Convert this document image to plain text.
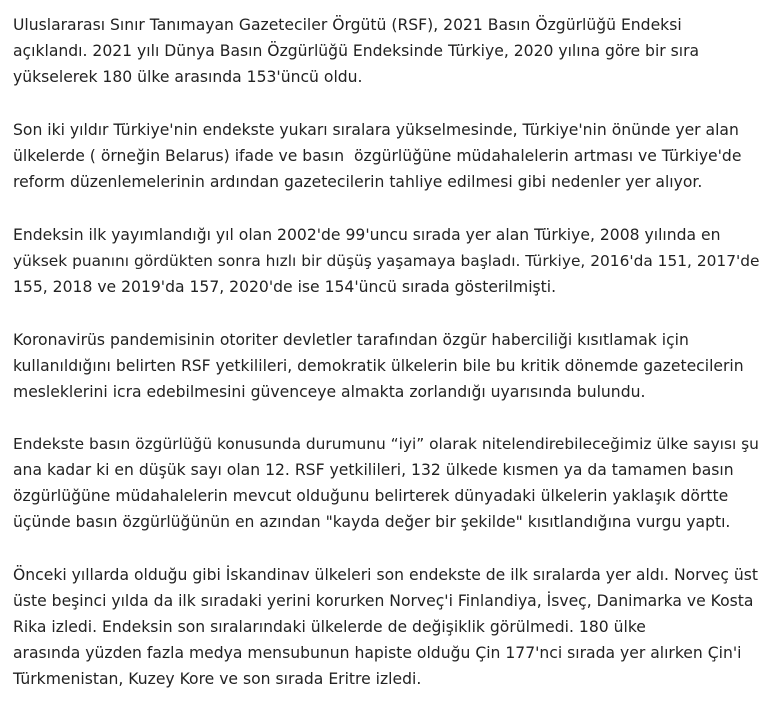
Uluslararası Sınır Tanımayan Gazeteciler Örgütü (RSF), 2021 Basın Özgürlüğü Endeksi
açıklandı. 2021 yılı Dünya Basın Özgürlüğü Endeksinde Türkiye, 2020 yılına göre bir sıra
yükselerek 180 ülke arasında 153'üncü oldu.
Son iki yıldır Türkiye'nin endekste yukarı sıralara yükselmesinde, Türkiye'nin önünde yer alan
ülkelerde ( örneğin Belarus) ifade ve basın  özgürlüğüne müdahalelerin artması ve Türkiye'de
reform düzenlemelerinin ardından gazetecilerin tahliye edilmesi gibi nedenler yer alıyor.
Endeksin ilk yayımlandığı yıl olan 2002'de 99'uncu sırada yer alan Türkiye, 2008 yılında en
yüksek puanını gördükten sonra hızlı bir düşüş yaşamaya başladı. Türkiye, 2016'da 151, 2017'de
155, 2018 ve 2019'da 157, 2020'de ise 154'üncü sırada gösterilmişti.
Koronavirüs pandemisinin otoriter devletler tarafından özgür haberciliği kısıtlamak için
kullanıldığını belirten RSF yetkilileri, demokratik ülkelerin bile bu kritik dönemde gazetecilerin
mesleklerini icra edebilmesini güvenceye almakta zorlandığı uyarısında bulundu.
Endekste basın özgürlüğü konusunda durumunu “iyi” olarak nitelendirebileceğimiz ülke sayısı şu
ana kadar ki en düşük sayı olan 12. RSF yetkilileri, 132 ülkede kısmen ya da tamamen basın
özgürlüğüne müdahalelerin mevcut olduğunu belirterek dünyadaki ülkelerin yaklaşık dörtte
üçünde basın özgürlüğünün en azından "kayda değer bir şekilde" kısıtlandığına vurgu yaptı.
Önceki yıllarda olduğu gibi İskandinav ülkeleri son endekste de ilk sıralarda yer aldı. Norveç üst
üste beşinci yılda da ilk sıradaki yerini korurken Norveç'i Finlandiya, İsveç, Danimarka ve Kosta
Rika izledi. Endeksin son sıralarındaki ülkelerde de değişiklik görülmedi. 180 ülke
arasında yüzden fazla medya mensubunun hapiste olduğu Çin 177'nci sırada yer alırken Çin'i
Türkmenistan, Kuzey Kore ve son sırada Eritre izledi.
